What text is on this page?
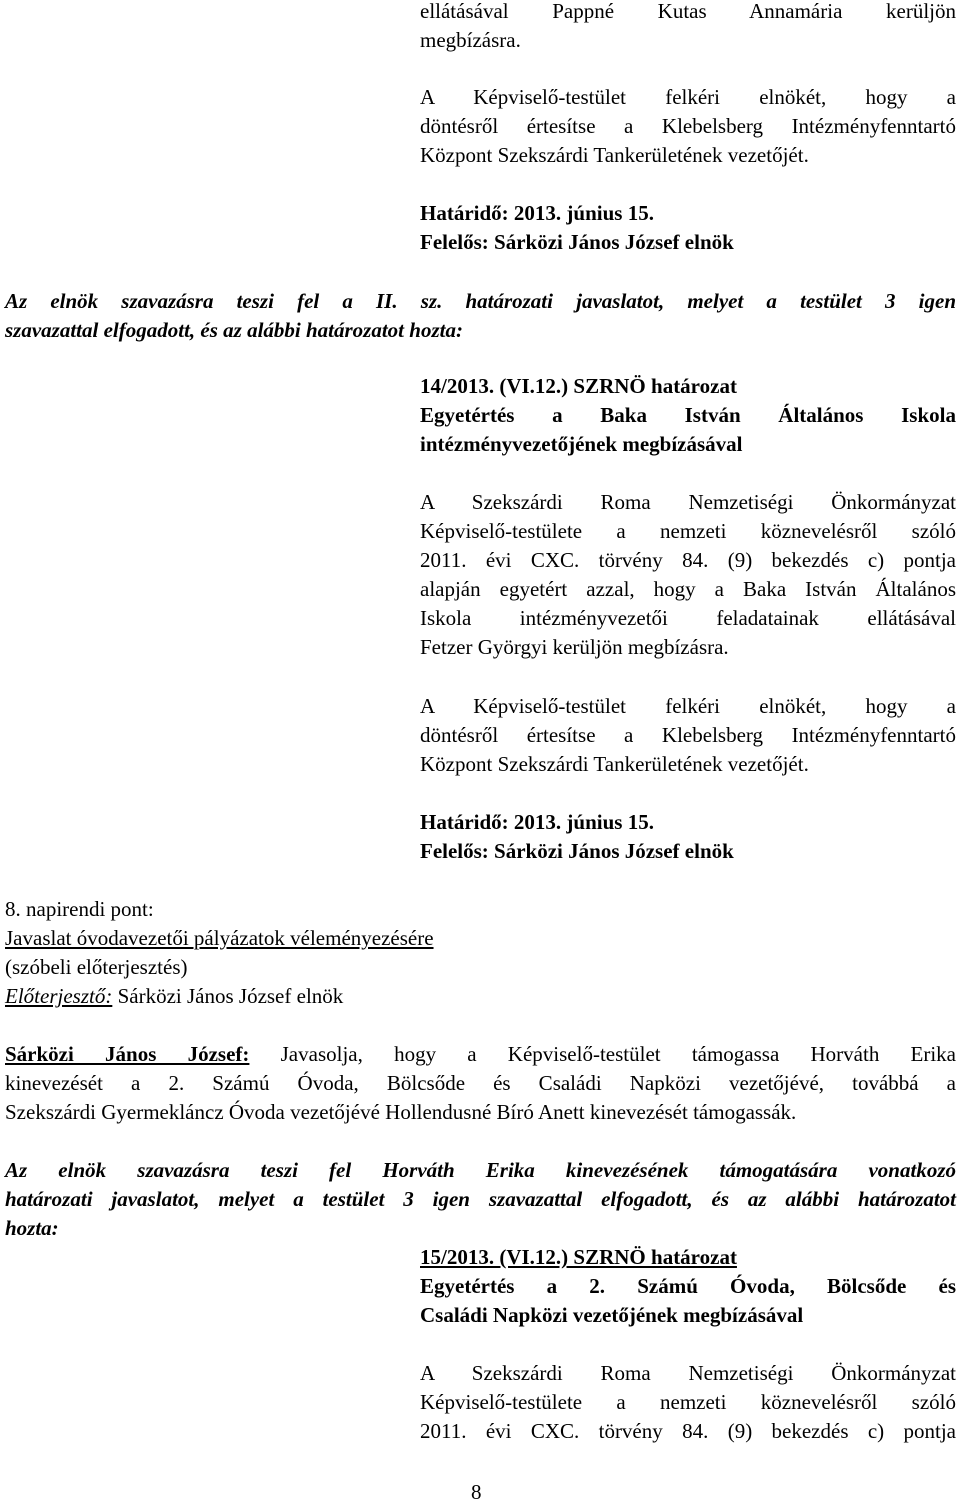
ellátásával Pappné Kutas Annamária kerüljön
megbízásra.
A Képviselő-testület felkéri elnökét, hogy a
döntésről értesítse a Klebelsberg Intézményfenntartó
Központ Szekszárdi Tankerületének vezetőjét.
Határidő: 2013. június 15.
Felelős: Sárközi János József elnök
Az elnök szavazásra teszi fel a II. sz. határozati javaslatot, melyet a testület 3 igen
szavazattal elfogadott, és az alábbi határozatot hozta:
14/2013. (VI.12.) SZRNÖ határozat
Egyetértés a Baka István Általános Iskola
intézményvezetőjének megbízásával
A Szekszárdi Roma Nemzetiségi Önkormányzat
Képviselő-testülete a nemzeti köznevelésről szóló
2011. évi CXC. törvény 84. (9) bekezdés c) pontja
alapján egyetért azzal, hogy a Baka István Általános
Iskola intézményvezetői feladatainak ellátásával
Fetzer Györgyi kerüljön megbízásra.
A Képviselő-testület felkéri elnökét, hogy a
döntésről értesítse a Klebelsberg Intézményfenntartó
Központ Szekszárdi Tankerületének vezetőjét.
Határidő: 2013. június 15.
Felelős: Sárközi János József elnök
8. napirendi pont:
Javaslat óvodavezetői pályázatok véleményezésére
(szóbeli előterjesztés)
Előterjesztő: Sárközi János József elnök
Sárközi János József: Javasolja, hogy a Képviselő-testület támogassa Horváth Erika
kinevezését a 2. Számú Óvoda, Bölcsőde és Családi Napközi vezetőjévé, továbbá a
Szekszárdi Gyermekláncz Óvoda vezetőjévé Hollendusné Bíró Anett kinevezését támogassák.
Az elnök szavazásra teszi fel Horváth Erika kinevezésének támogatására vonatkozó
határozati javaslatot, melyet a testület 3 igen szavazattal elfogadott, és az alábbi határozatot
hozta:
15/2013. (VI.12.) SZRNÖ határozat
Egyetértés a 2. Számú Óvoda, Bölcsőde és
Családi Napközi vezetőjének megbízásával
A Szekszárdi Roma Nemzetiségi Önkormányzat
Képviselő-testülete a nemzeti köznevelésről szóló
2011. évi CXC. törvény 84. (9) bekezdés c) pontja
8
